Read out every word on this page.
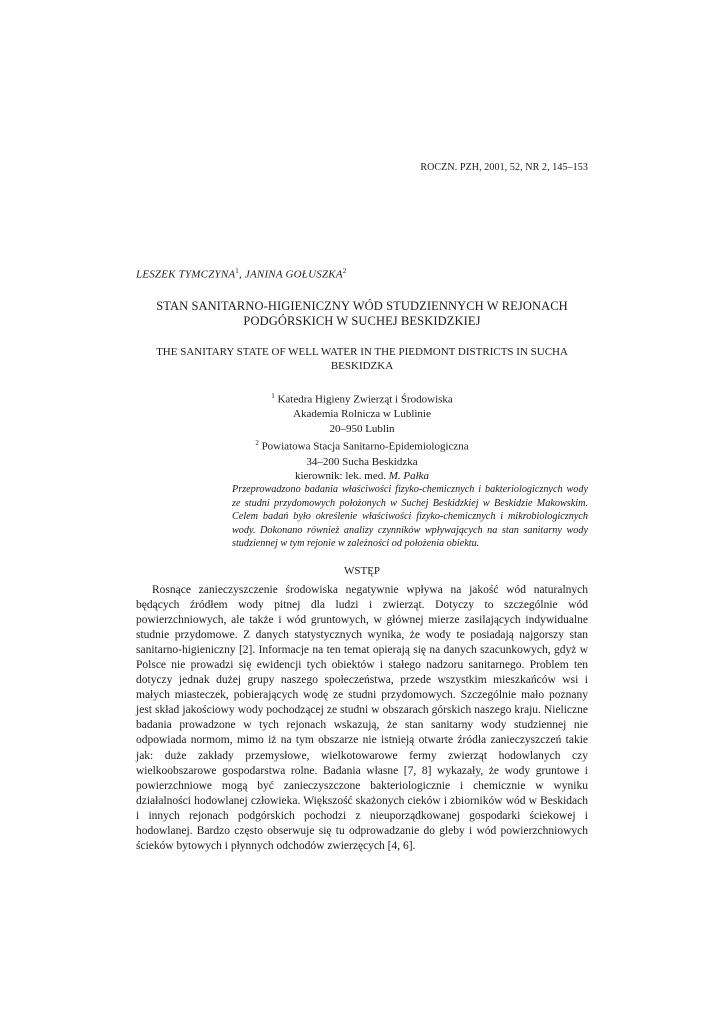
ROCZN. PZH, 2001, 52, NR 2, 145–153
LESZEK TYMCZYNA$^1$, JANINA GOŁUSZKA$^2$
STAN SANITARNO-HIGIENICZNY WÓD STUDZIENNYCH W REJONACH PODGÓRSKICH W SUCHEJ BESKIDZKIEJ
THE SANITARY STATE OF WELL WATER IN THE PIEDMONT DISTRICTS IN SUCHA BESKIDZKA
$^1$ Katedra Higieny Zwierząt i Środowiska
Akademia Rolnicza w Lublinie
20–950 Lublin
$^2$ Powiatowa Stacja Sanitarno-Epidemiologiczna
34–200 Sucha Beskidzka
kierownik: lek. med. M. Pałka
Przeprowadzono badania właściwości fizyko-chemicznych i bakteriologicznych wody ze studni przydomowych położonych w Suchej Beskidzkiej w Beskidzie Makowskim. Celem badań było określenie właściwości fizyko-chemicznych i mikrobiologicznych wody. Dokonano również analizy czynników wpływających na stan sanitarny wody studziennej w tym rejonie w zależności od położenia obiektu.
WSTĘP

Rosnące zanieczyszczenie środowiska negatywnie wpływa na jakość wód naturalnych będących źródłem wody pitnej dla ludzi i zwierząt. Dotyczy to szczególnie wód powierzchniowych, ale także i wód gruntowych, w głównej mierze zasilających indywidualne studnie przydomowe. Z danych statystycznych wynika, że wody te posiadają najgorszy stan sanitarno-higieniczny [2]. Informacje na ten temat opierają się na danych szacunkowych, gdyż w Polsce nie prowadzi się ewidencji tych obiektów i stałego nadzoru sanitarnego. Problem ten dotyczy jednak dużej grupy naszego społeczeństwa, przede wszystkim mieszkańców wsi i małych miasteczek, pobierających wodę ze studni przydomowych. Szczególnie mało poznany jest skład jakościowy wody pochodzącej ze studni w obszarach górskich naszego kraju. Nieliczne badania prowadzone w tych rejonach wskazują, że stan sanitarny wody studziennej nie odpowiada normom, mimo iż na tym obszarze nie istnieją otwarte źródła zanieczyszczeń takie jak: duże zakłady przemysłowe, wielkotowarowe fermy zwierząt hodowlanych czy wielkoobszarowe gospodarstwa rolne. Badania własne [7, 8] wykazały, że wody gruntowe i powierzchniowe mogą być zanieczyszczone bakteriologicznie i chemicznie w wyniku działalności hodowlanej człowieka. Większość skażonych cieków i zbiorników wód w Beskidach i innych rejonach podgórskich pochodzi z nieuporządkowanej gospodarki ściekowej i hodowlanej. Bardzo często obserwuje się tu odprowadzanie do gleby i wód powierzchniowych ścieków bytowych i płynnych odchodów zwierzęcych [4, 6].
